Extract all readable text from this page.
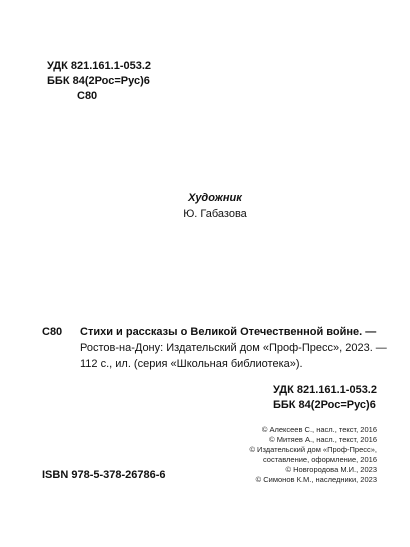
УДК 821.161.1-053.2
ББК 84(2Рос=Рус)6

С80
Художник
Ю. Габазова
С80 Стихи и рассказы о Великой Отечественной войне. —
Ростов-на-Дону: Издательский дом «Проф-Пресс», 2023. —
112 с., ил. (серия «Школьная библиотека»).
УДК 821.161.1-053.2
ББК 84(2Рос=Рус)6
© Алексеев С., насл., текст, 2016
© Митяев А., насл., текст, 2016
© Издательский дом «Проф-Пресс»,
составление, оформление, 2016
© Новгородова М.И., 2023
© Симонов К.М., наследники, 2023
ISBN 978-5-378-26786-6
